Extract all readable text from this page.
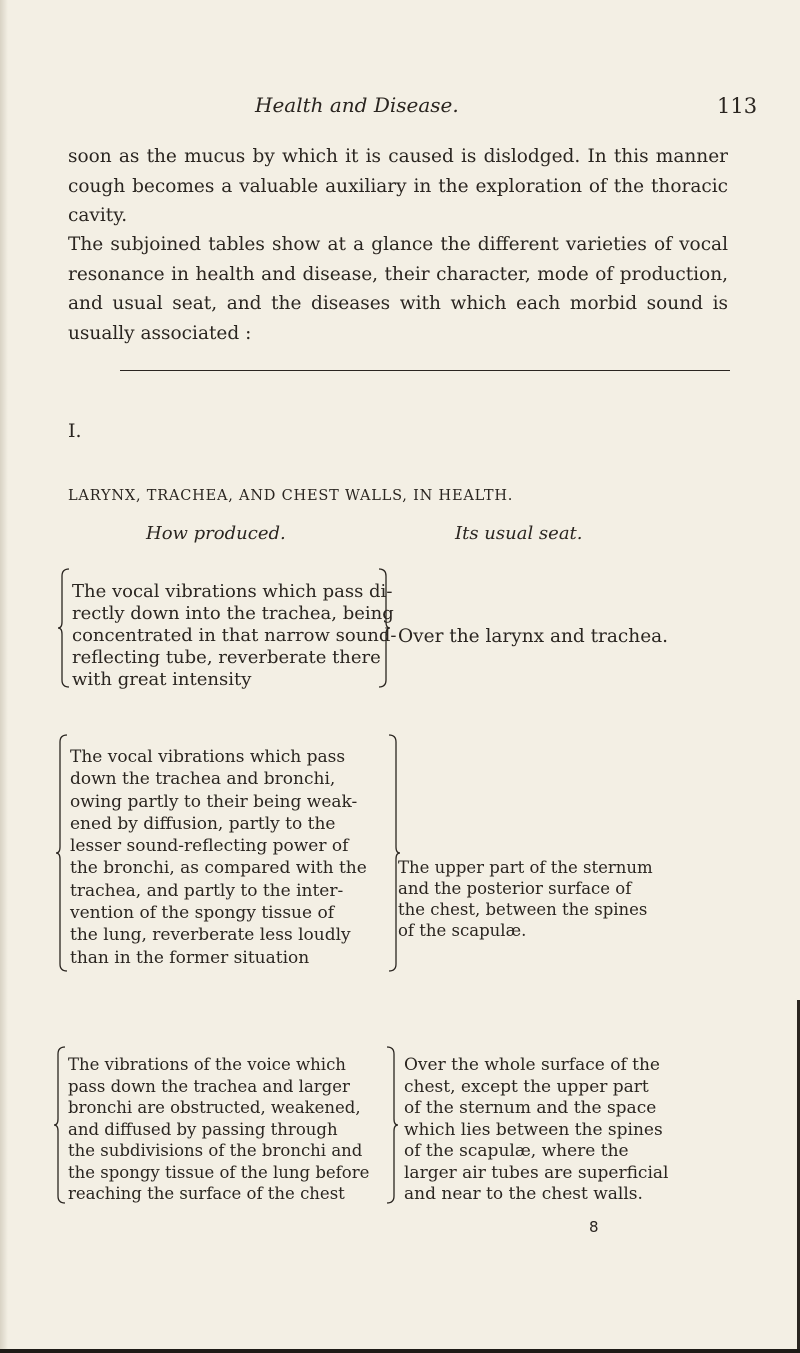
Health and Disease.	113

soon as the mucus by which it is caused is dislodged. In this manner cough becomes a valuable auxiliary in the exploration of the thoracic cavity.

The subjoined tables show at a glance the different varieties of vocal resonance in health and disease, their character, mode of production, and usual seat, and the diseases with which each morbid sound is usually associated :

I.
LARYNX, TRACHEA, AND CHEST WALLS, IN HEALTH.
How produced.	Its usual seat.
The vocal vibrations which pass di-
rectly down into the trachea, being
concentrated in that narrow sound-
reflecting tube, reverberate there
with great intensity
Over the larynx and trachea.
The vocal vibrations which pass
down the trachea and bronchi,
owing partly to their being weak-
ened by diffusion, partly to the
lesser sound-reflecting power of
the bronchi, as compared with the
trachea, and partly to the inter-
vention of the spongy tissue of
the lung, reverberate less loudly
than in the former situation
The upper part of the sternum
and the posterior surface of
the chest, between the spines
of the scapulæ.
The vibrations of the voice which
pass down the trachea and larger
bronchi are obstructed, weakened,
and diffused by passing through
the subdivisions of the bronchi and
the spongy tissue of the lung before
reaching the surface of the chest
Over the whole surface of the
chest, except the upper part
of the sternum and the space
which lies between the spines
of the scapulæ, where the
larger air tubes are superficial
and near to the chest walls.
8
